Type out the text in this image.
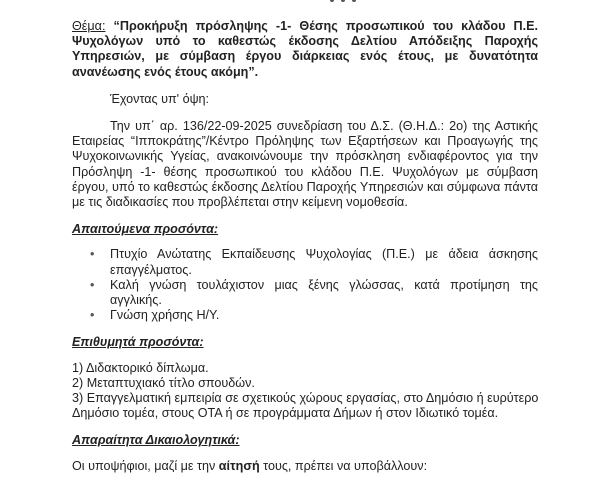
Θέμα: “Προκήρυξη πρόσληψης -1- Θέσης προσωπικού του κλάδου Π.Ε. Ψυχολόγων υπό το καθεστώς έκδοσης Δελτίου Απόδειξης Παροχής Υπηρεσιών, με σύμβαση έργου διάρκειας ενός έτους, με δυνατότητα ανανέωσης ενός έτους ακόμη”.
Έχοντας υπ' όψη:
Την υπ΄ αρ. 136/22-09-2025 συνεδρίαση του Δ.Σ. (Θ.Η.Δ.: 2ο) της Αστικής Εταιρείας “Ιπποκράτης”/Κέντρο Πρόληψης των Εξαρτήσεων και Προαγωγής της Ψυχοκοινωνικής Υγείας, ανακοινώνουμε την πρόσκληση ενδιαφέροντος για την Πρόσληψη -1- θέσης προσωπικού του κλάδου Π.Ε. Ψυχολόγων με σύμβαση έργου, υπό το καθεστώς έκδοσης Δελτίου Παροχής Υπηρεσιών και σύμφωνα πάντα με τις διαδικασίες που προβλέπεται στην κείμενη νομοθεσία.
Απαιτούμενα προσόντα:
• Πτυχίο Ανώτατης Εκπαίδευσης Ψυχολογίας (Π.Ε.) με άδεια άσκησης επαγγέλματος.
• Καλή γνώση τουλάχιστον μιας ξένης γλώσσας, κατά προτίμηση της αγγλικής.
• Γνώση χρήσης Η/Υ.
Επιθυμητά προσόντα:
1) Διδακτορικό δίπλωμα.
2) Μεταπτυχιακό τίτλο σπουδών.
3) Επαγγελματική εμπειρία σε σχετικούς χώρους εργασίας, στο Δημόσιο ή ευρύτερο Δημόσιο τομέα, στους ΟΤΑ ή σε προγράμματα Δήμων ή στον Ιδιωτικό τομέα.
Απαραίτητα Δικαιολογητικά:
Οι υποψήφιοι, μαζί με την αίτησή τους, πρέπει να υποβάλλουν:
